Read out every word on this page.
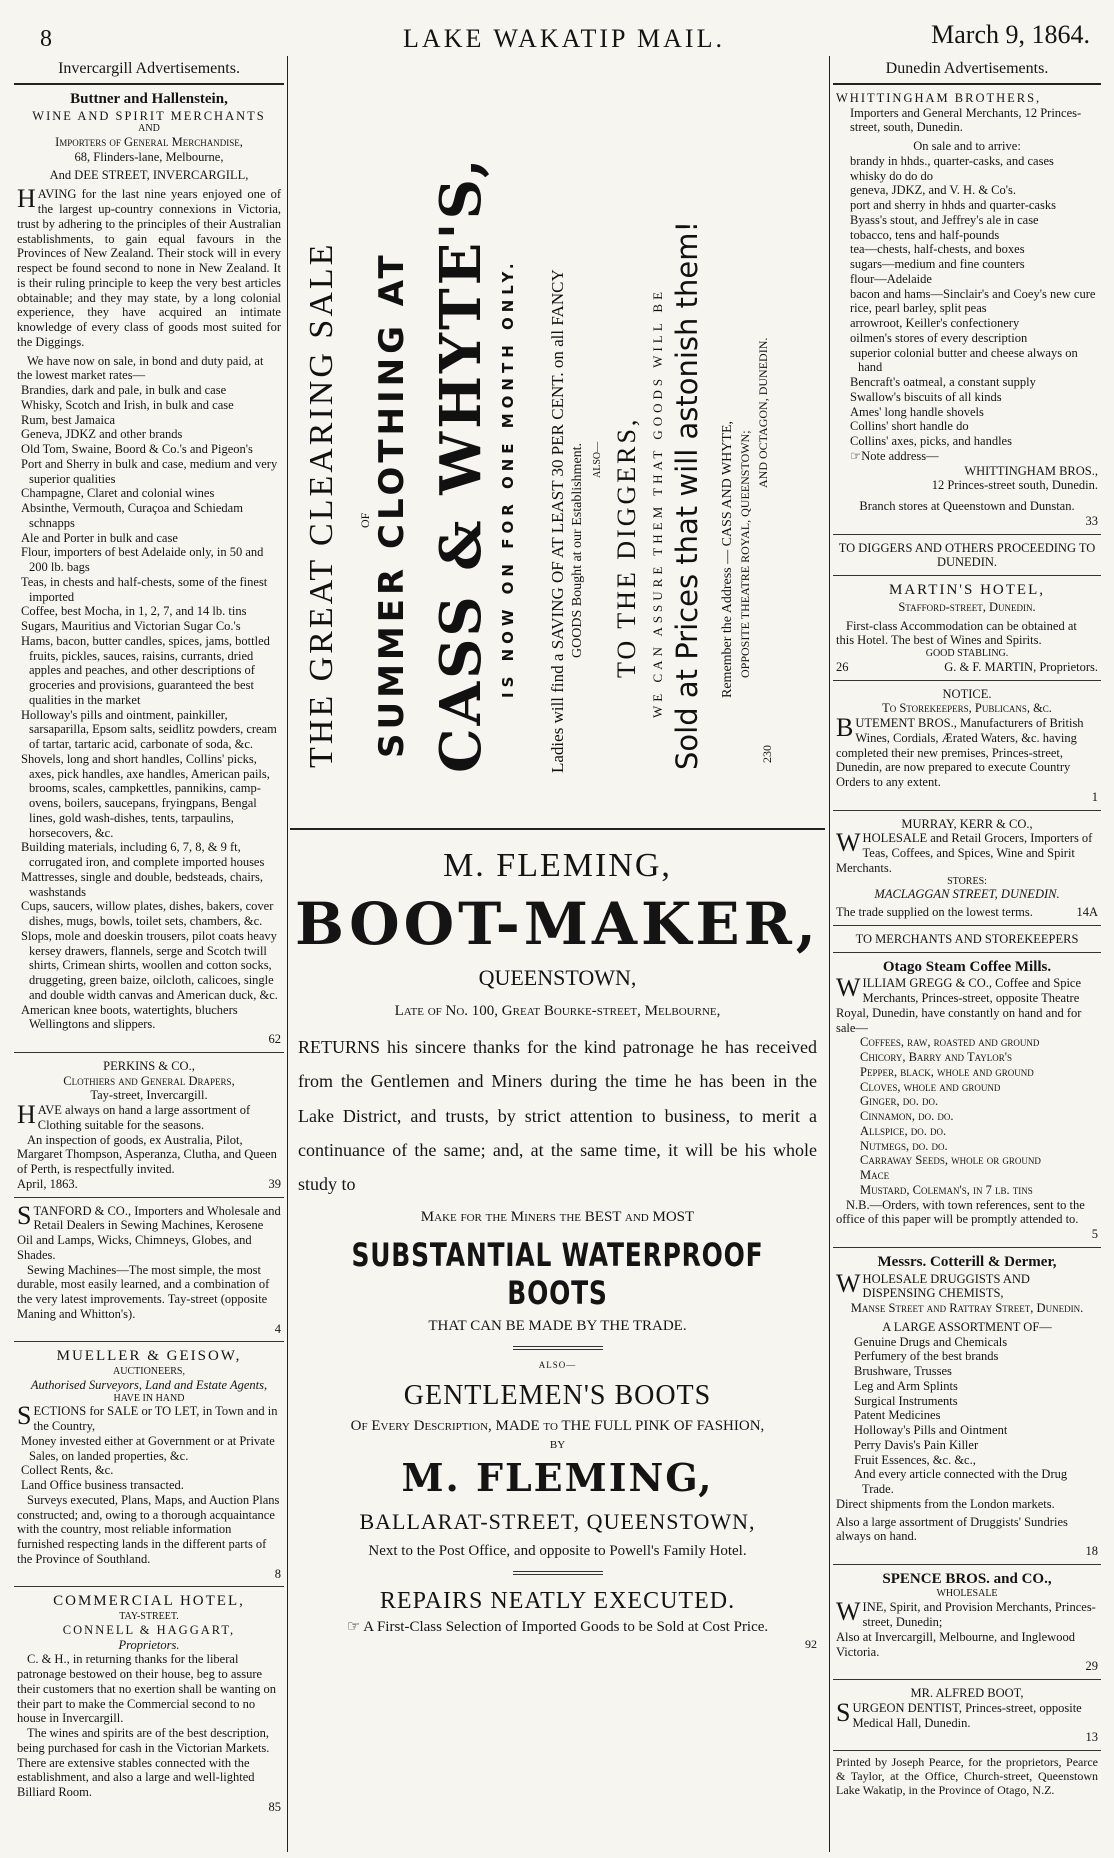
8	LAKE WAKATIP MAIL.	March 9, 1864.
Invercargill Advertisements.
Buttner and Hallenstein,
WINE AND SPIRIT MERCHANTS
AND
Importers of General Merchandise,
68, Flinders-lane, Melbourne,
And DEE STREET, INVERCARGILL,

HAVING for the last nine years enjoyed one of the largest up-country connexions in Victoria, trust by adhering to the principles of their Australian establishments, to gain equal favours in the Provinces of New Zealand. Their stock will in every respect be found second to none in New Zealand. It is their ruling principle to keep the very best articles obtainable; and they may state, by a long colonial experience, they have acquired an intimate knowledge of every class of goods most suited for the Diggings.

We have now on sale, in bond and duty paid, at the lowest market rates—

Brandies, dark and pale, in bulk and case
Whisky, Scotch and Irish, in bulk and case
Rum, best Jamaica
Geneva, JDKZ and other brands
Old Tom, Swaine, Boord & Co.'s and Pigeon's
Port and Sherry in bulk and case, medium and very superior qualities
Champagne, Claret and colonial wines
Absinthe, Vermouth, Curaçoa and Schiedam schnapps
Ale and Porter in bulk and case
Flour, importers of best Adelaide only, in 50 and 200 lb. bags
Teas, in chests and half-chests, some of the finest imported
Coffee, best Mocha, in 1, 2, 7, and 14 lb. tins
Sugars, Mauritius and Victorian Sugar Co.'s
Hams, bacon, butter candles, spices, jams, bottled fruits, pickles, sauces, raisins, currants, dried apples and peaches, and other descriptions of groceries and provisions, guaranteed the best qualities in the market
Holloway's pills and ointment, painkiller, sarsaparilla, Epsom salts, seidlitz powders, cream of tartar, tartaric acid, carbonate of soda, &c.
Shovels, long and short handles, Collins' picks, axes, pick handles, axe handles, American pails, brooms, scales, campkettles, pannikins, camp-ovens, boilers, saucepans, fryingpans, Bengal lines, gold wash-dishes, tents, tarpaulins, horsecovers, &c.
Building materials, including 6, 7, 8, & 9 ft, corrugated iron, and complete imported houses
Mattresses, single and double, bedsteads, chairs, washstands
Cups, saucers, willow plates, dishes, bakers, cover dishes, mugs, bowls, toilet sets, chambers, &c.
Slops, mole and doeskin trousers, pilot coats heavy kersey drawers, flannels, serge and Scotch twill shirts, Crimean shirts, woollen and cotton socks, druggeting, green baize, oilcloth, calicoes, single and double width canvas and American duck, &c.
American knee boots, watertights, bluchers Wellingtons and slippers.
62
PERKINS & CO.,
Clothiers and General Drapers,
Tay-street, Invercargill.

HAVE always on hand a large assortment of Clothing suitable for the seasons.

An inspection of goods, ex Australia, Pilot, Margaret Thompson, Asperanza, Clutha, and Queen of Perth, is respectfully invited.

April, 1863.	39

STANFORD & CO., Importers and Wholesale and Retail Dealers in Sewing Machines, Kerosene Oil and Lamps, Wicks, Chimneys, Globes, and Shades.

Sewing Machines—The most simple, the most durable, most easily learned, and a combination of the very latest improvements. Tay-street (opposite Maning and Whitton's).

4
MUELLER & GEISOW,
AUCTIONEERS,
Authorised Surveyors, Land and Estate Agents,
HAVE IN HAND

SECTIONS for SALE or TO LET, in Town and in the Country,

Money invested either at Government or at Private Sales, on landed properties, &c.
Collect Rents, &c.
Land Office business transacted.

Surveys executed, Plans, Maps, and Auction Plans constructed; and, owing to a thorough acquaintance with the country, most reliable information furnished respecting lands in the different parts of the Province of Southland.

8
COMMERCIAL HOTEL,
TAY-STREET.
CONNELL & HAGGART,
Proprietors.

C. & H., in returning thanks for the liberal patronage bestowed on their house, beg to assure their customers that no exertion shall be wanting on their part to make the Commercial second to no house in Invercargill.

The wines and spirits are of the best description, being purchased for cash in the Victorian Markets. There are extensive stables connected with the establishment, and also a large and well-lighted Billiard Room.

85
THE GREAT CLEARING SALE OF SUMMER CLOTHING AT CASS & WHYTE'S, IS NOW ON FOR ONE MONTH ONLY. Ladies will find a SAVING OF AT LEAST 30 PER CENT. on all FANCY GOODS Bought at our Establishment. ALSO— TO THE DIGGERS, WE CAN ASSURE THEM THAT GOODS WILL BE Sold at Prices that will astonish them! Remember the Address — CASS AND WHYTE, OPPOSITE THEATRE ROYAL, QUEENSTOWN;
AND OCTAGON, DUNEDIN.
230
M. FLEMING,
BOOT-MAKER,
QUEENSTOWN,
Late of No. 100, Great Bourke-street, Melbourne,

RETURNS his sincere thanks for the kind patronage he has received from the Gentlemen and Miners during the time he has been in the Lake District, and trusts, by strict attention to business, to merit a continuance of the same; and, at the same time, it will be his whole study to

Make for the Miners the BEST and MOST
SUBSTANTIAL WATERPROOF BOOTS
THAT CAN BE MADE BY THE TRADE.
ALSO—
GENTLEMEN'S BOOTS
Of Every Description, MADE to THE FULL PINK OF FASHION,
BY
M. FLEMING,
BALLARAT-STREET, QUEENSTOWN,
Next to the Post Office, and opposite to Powell's Family Hotel.
REPAIRS NEATLY EXECUTED.
☞ A First-Class Selection of Imported Goods to be Sold at Cost Price.
92
Dunedin Advertisements.
WHITTINGHAM BROTHERS,
Importers and General Merchants, 12 Princes-street, south, Dunedin.
On sale and to arrive:
brandy in hhds., quarter-casks, and cases
whisky do do do
geneva, JDKZ, and V. H. & Co's.
port and sherry in hhds and quarter-casks
Byass's stout, and Jeffrey's ale in case
tobacco, tens and half-pounds
tea—chests, half-chests, and boxes
sugars—medium and fine counters
flour—Adelaide
bacon and hams—Sinclair's and Coey's new cure
rice, pearl barley, split peas
arrowroot, Keiller's confectionery
oilmen's stores of every description
superior colonial butter and cheese always on hand
Bencraft's oatmeal, a constant supply
Swallow's biscuits of all kinds
Ames' long handle shovels
Collins' short handle do
Collins' axes, picks, and handles
☞Note address—
WHITTINGHAM BROS.,
12 Princes-street south, Dunedin.
Branch stores at Queenstown and Dunstan.
33
TO DIGGERS AND OTHERS PROCEEDING TO DUNEDIN.
MARTIN'S HOTEL,
Stafford-street, Dunedin.

First-class Accommodation can be obtained at this Hotel. The best of Wines and Spirits.

GOOD STABLING.
26	G. & F. MARTIN, Proprietors.
NOTICE.
To Storekeepers, Publicans, &c.

BUTEMENT BROS., Manufacturers of British Wines, Cordials, Ærated Waters, &c. having completed their new premises, Princes-street, Dunedin, are now prepared to execute Country Orders to any extent.

1
MURRAY, KERR & CO.,

WHOLESALE and Retail Grocers, Importers of Teas, Coffees, and Spices, Wine and Spirit Merchants.

STORES:
MACLAGGAN STREET, DUNEDIN.
The trade supplied on the lowest terms.	14A
TO MERCHANTS AND STOREKEEPERS
Otago Steam Coffee Mills.

WILLIAM GREGG & CO., Coffee and Spice Merchants, Princes-street, opposite Theatre Royal, Dunedin, have constantly on hand and for sale—

Coffees, raw, roasted and ground
Chicory, Barry and Taylor's
Pepper, black, whole and ground
Cloves, whole and ground
Ginger, do. do.
Cinnamon, do. do.
Allspice, do. do.
Nutmegs, do. do.
Carraway Seeds, whole or ground
Mace
Mustard, Coleman's, in 7 lb. tins

N.B.—Orders, with town references, sent to the office of this paper will be promptly attended to.

5
Messrs. Cotterill & Dermer,

WHOLESALE DRUGGISTS AND DISPENSING CHEMISTS,

Manse Street and Rattray Street, Dunedin.
A LARGE ASSORTMENT OF—
Genuine Drugs and Chemicals
Perfumery of the best brands
Brushware, Trusses
Leg and Arm Splints
Surgical Instruments
Patent Medicines
Holloway's Pills and Ointment
Perry Davis's Pain Killer
Fruit Essences, &c. &c.,
And every article connected with the Drug Trade.
Direct shipments from the London markets.

Also a large assortment of Druggists' Sundries always on hand.

18
SPENCE BROS. and CO.,
WHOLESALE

WINE, Spirit, and Provision Merchants, Princes-street, Dunedin;

Also at Invercargill, Melbourne, and Inglewood Victoria.

29
MR. ALFRED BOOT,

SURGEON DENTIST, Princes-street, opposite Medical Hall, Dunedin.

13

Printed by Joseph Pearce, for the proprietors, Pearce & Taylor, at the Office, Church-street, Queenstown Lake Wakatip, in the Province of Otago, N.Z.
